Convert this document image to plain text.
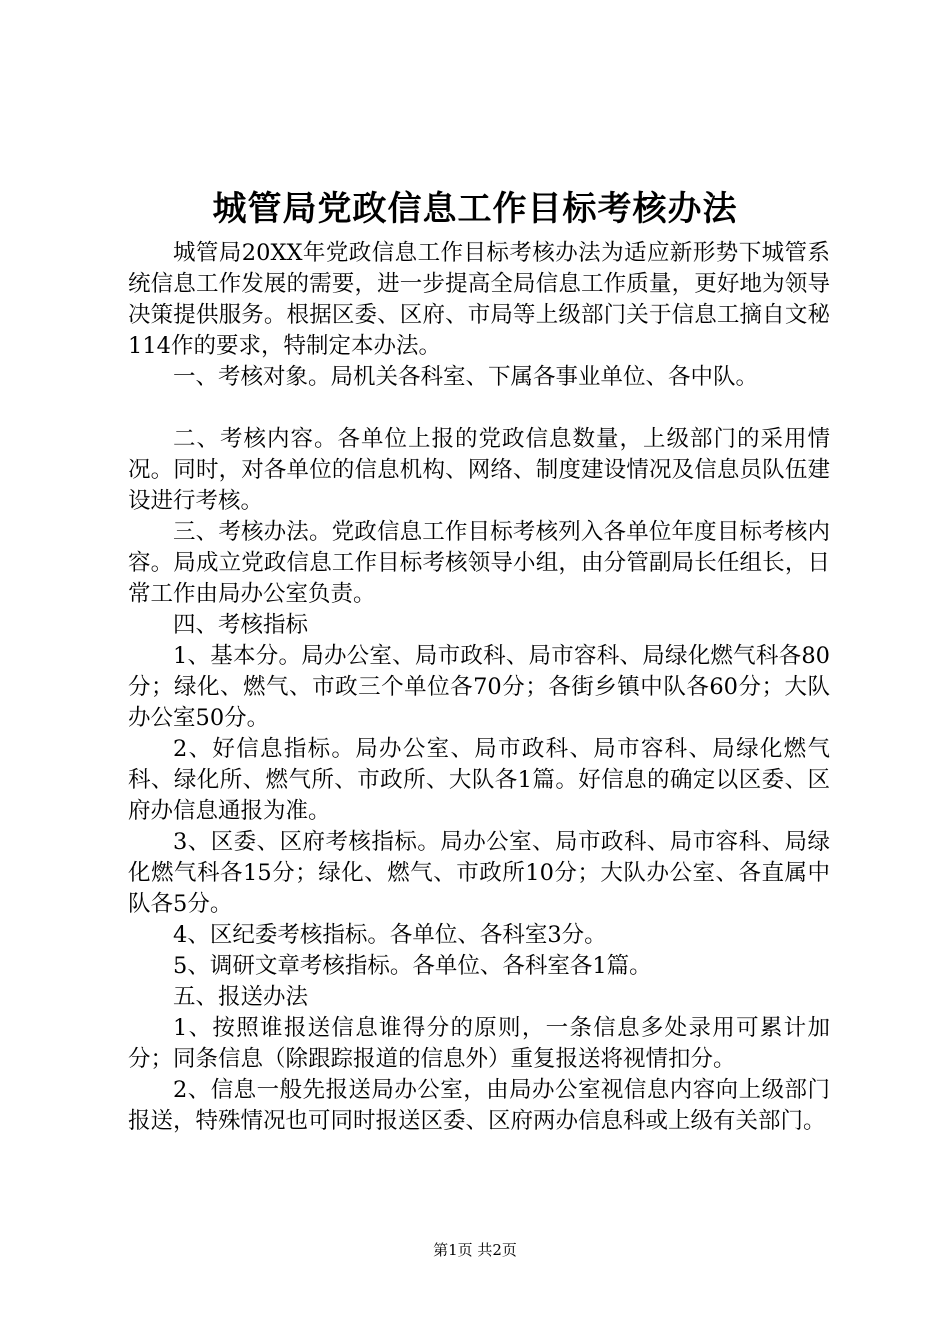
城管局党政信息工作目标考核办法

城管局20XX年党政信息工作目标考核办法为适应新形势下城管系统信息工作发展的需要，进一步提高全局信息工作质量，更好地为领导决策提供服务。根据区委、区府、市局等上级部门关于信息工摘自文秘114作的要求，特制定本办法。

一、考核对象。局机关各科室、下属各事业单位、各中队。

二、考核内容。各单位上报的党政信息数量，上级部门的采用情况。同时，对各单位的信息机构、网络、制度建设情况及信息员队伍建设进行考核。

三、考核办法。党政信息工作目标考核列入各单位年度目标考核内容。局成立党政信息工作目标考核领导小组，由分管副局长任组长，日常工作由局办公室负责。

四、考核指标

1、基本分。局办公室、局市政科、局市容科、局绿化燃气科各80分；绿化、燃气、市政三个单位各70分；各街乡镇中队各60分；大队办公室50分。

2、好信息指标。局办公室、局市政科、局市容科、局绿化燃气科、绿化所、燃气所、市政所、大队各1篇。好信息的确定以区委、区府办信息通报为准。

3、区委、区府考核指标。局办公室、局市政科、局市容科、局绿化燃气科各15分；绿化、燃气、市政所10分；大队办公室、各直属中队各5分。

4、区纪委考核指标。各单位、各科室3分。

5、调研文章考核指标。各单位、各科室各1篇。

五、报送办法

1、按照谁报送信息谁得分的原则，一条信息多处录用可累计加分；同条信息（除跟踪报道的信息外）重复报送将视情扣分。

2、信息一般先报送局办公室，由局办公室视信息内容向上级部门报送，特殊情况也可同时报送区委、区府两办信息科或上级有关部门。

第1页 共2页
